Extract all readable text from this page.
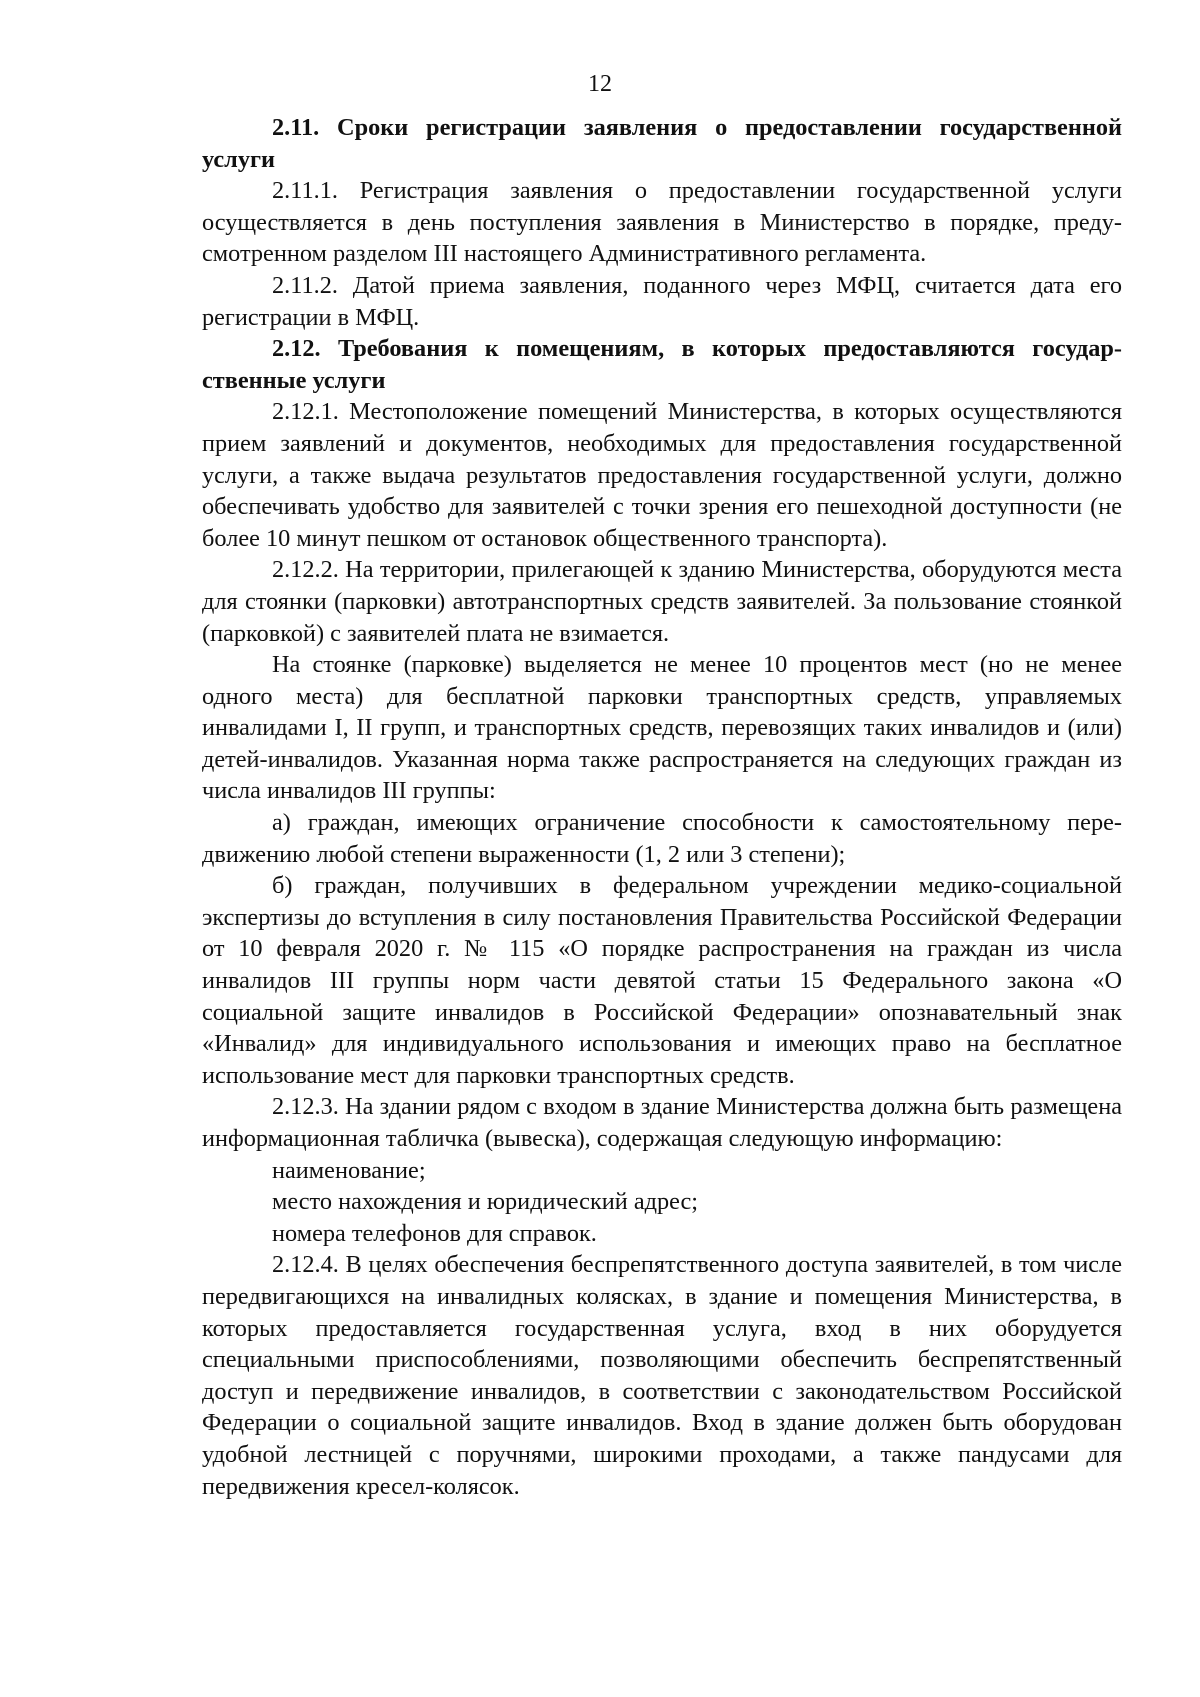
12

2.11. Сроки регистрации заявления о предоставлении государственной услуги

2.11.1. Регистрация заявления о предоставлении государственной услуги осуществляется в день поступления заявления в Министерство в порядке, предусмотренном разделом III настоящего Административного регламента.

2.11.2. Датой приема заявления, поданного через МФЦ, считается дата его регистрации в МФЦ.

2.12. Требования к помещениям, в которых предоставляются государственные услуги

2.12.1. Местоположение помещений Министерства, в которых осуществляются прием заявлений и документов, необходимых для предоставления государственной услуги, а также выдача результатов предоставления государственной услуги, должно обеспечивать удобство для заявителей с точки зрения его пешеходной доступности (не более 10 минут пешком от остановок общественного транспорта).

2.12.2. На территории, прилегающей к зданию Министерства, оборудуются места для стоянки (парковки) автотранспортных средств заявителей. За пользование стоянкой (парковкой) с заявителей плата не взимается.

На стоянке (парковке) выделяется не менее 10 процентов мест (но не менее одного места) для бесплатной парковки транспортных средств, управляемых инвалидами I, II групп, и транспортных средств, перевозящих таких инвалидов и (или) детей-инвалидов. Указанная норма также распространяется на следующих граждан из числа инвалидов III группы:

а) граждан, имеющих ограничение способности к самостоятельному передвижению любой степени выраженности (1, 2 или 3 степени);

б) граждан, получивших в федеральном учреждении медико-социальной экспертизы до вступления в силу постановления Правительства Российской Федерации от 10 февраля 2020 г. № 115 «О порядке распространения на граждан из числа инвалидов III группы норм части девятой статьи 15 Федерального закона «О социальной защите инвалидов в Российской Федерации» опознавательный знак «Инвалид» для индивидуального использования и имеющих право на бесплатное использование мест для парковки транспортных средств.

2.12.3. На здании рядом с входом в здание Министерства должна быть размещена информационная табличка (вывеска), содержащая следующую информацию:

наименование;

место нахождения и юридический адрес;

номера телефонов для справок.

2.12.4. В целях обеспечения беспрепятственного доступа заявителей, в том числе передвигающихся на инвалидных колясках, в здание и помещения Министерства, в которых предоставляется государственная услуга, вход в них оборудуется специальными приспособлениями, позволяющими обеспечить беспрепятственный доступ и передвижение инвалидов, в соответствии с законодательством Российской Федерации о социальной защите инвалидов. Вход в здание должен быть оборудован удобной лестницей с поручнями, широкими проходами, а также пандусами для передвижения кресел-колясок.
